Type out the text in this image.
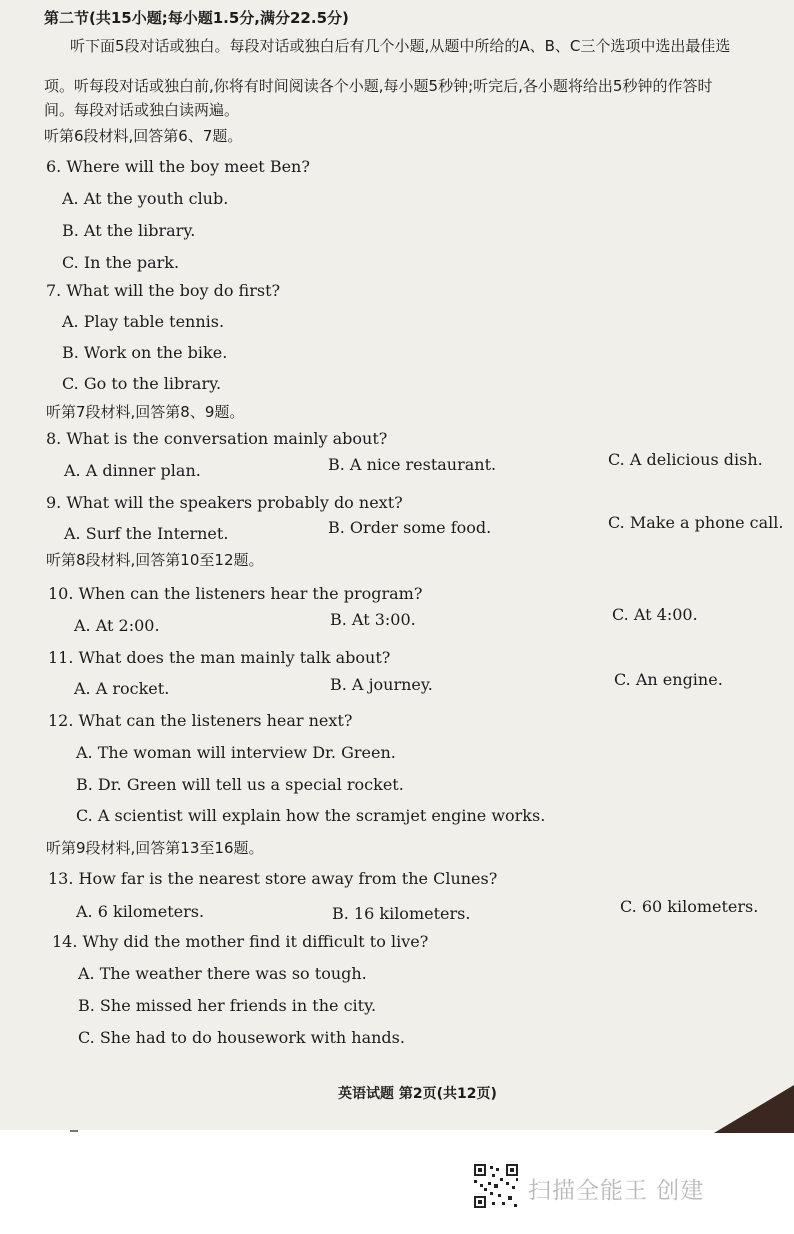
第二节(共15小题;每小题1.5分,满分22.5分)
听下面5段对话或独白。每段对话或独白后有几个小题,从题中所给的A、B、C三个选项中选出最佳选
项。听每段对话或独白前,你将有时间阅读各个小题,每小题5秒钟;听完后,各小题将给出5秒钟的作答时
间。每段对话或独白读两遍。
听第6段材料,回答第6、7题。
6. Where will the boy meet Ben?
A. At the youth club.
B. At the library.
C. In the park.
7. What will the boy do first?
A. Play table tennis.
B. Work on the bike.
C. Go to the library.
听第7段材料,回答第8、9题。
8. What is the conversation mainly about?
A. A dinner plan.	B. A nice restaurant.	C. A delicious dish.
9. What will the speakers probably do next?
A. Surf the Internet.	B. Order some food.	C. Make a phone call.
听第8段材料,回答第10至12题。
10. When can the listeners hear the program?
A. At 2:00.	B. At 3:00.	C. At 4:00.
11. What does the man mainly talk about?
A. A rocket.	B. A journey.	C. An engine.
12. What can the listeners hear next?
A. The woman will interview Dr. Green.
B. Dr. Green will tell us a special rocket.
C. A scientist will explain how the scramjet engine works.
听第9段材料,回答第13至16题。
13. How far is the nearest store away from the Clunes?
A. 6 kilometers.	B. 16 kilometers.	C. 60 kilometers.
14. Why did the mother find it difficult to live?
A. The weather there was so tough.
B. She missed her friends in the city.
C. She had to do housework with hands.
英语试题 第2页(共12页)
扫描全能王 创建
